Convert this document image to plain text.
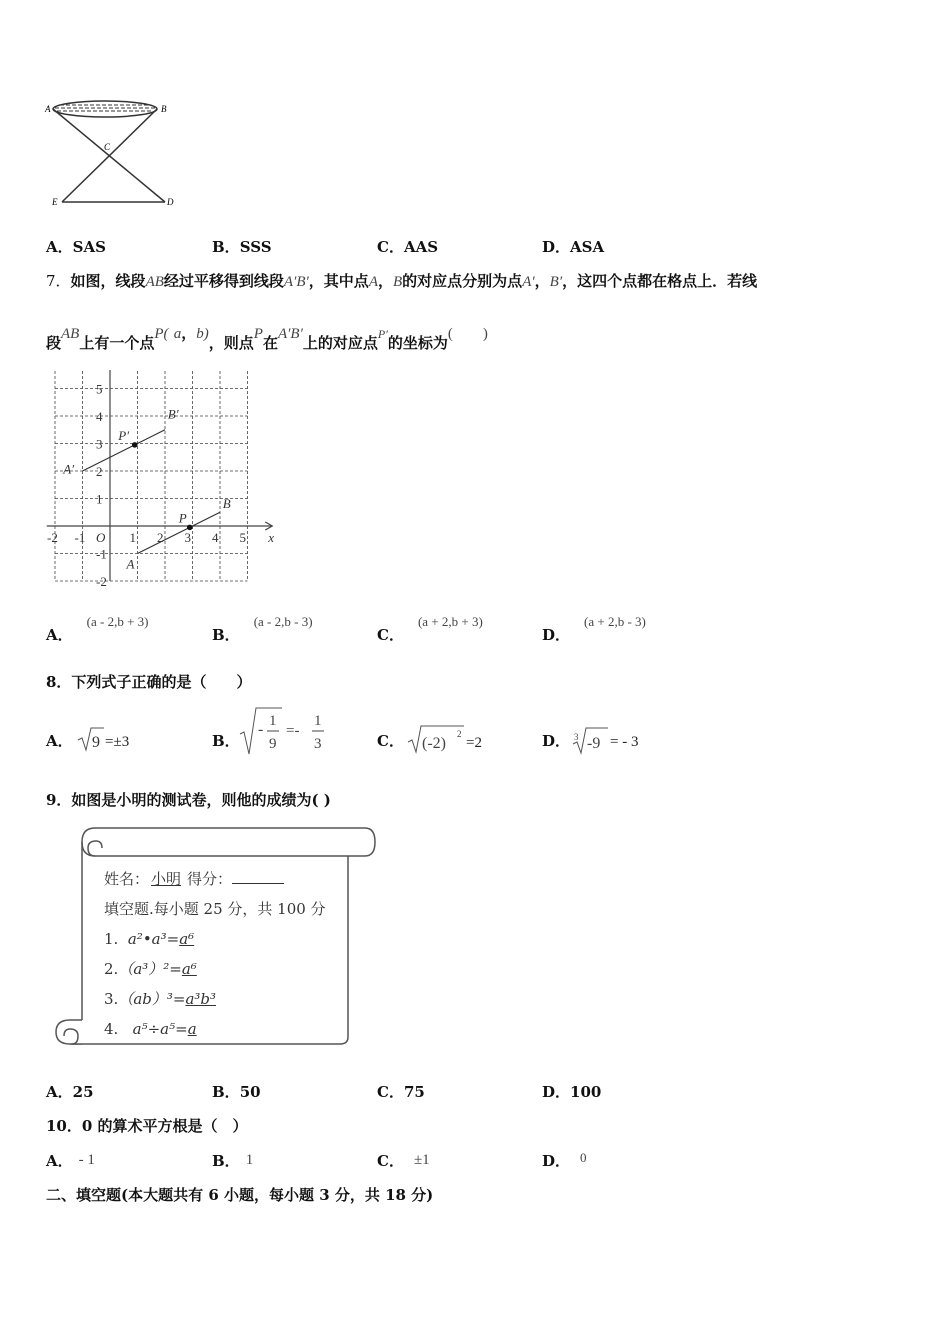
A	B
C
E	D
A．SAS	B．SSS	C．AAS	D．ASA
7．如图，线段AB经过平移得到线段A′B′，其中点A，B的对应点分别为点A′，B′，这四个点都在格点上．若线
段AB上有一个点P( a，b)，则点P在A′B′上的对应点P′的坐标为(        )
-2 -1 O 1 2 3 4 5
5
4
3
2
1
-1
-2
x
A
B
P
A′
B′
P′
A．(a - 2,b + 3)
B．(a - 2,b - 3)
C．(a + 2,b + 3)
D．(a + 2,b - 3)
8．下列式子正确的是（　　）
A． 9 =±3	B．
- 1
9
=-
1
3	C． (-2)
2
=2	D． 3 -9 = - 3
9．如图是小明的测试卷，则他的成绩为( )
姓名： 小明 得分：
填空题.每小题 25 分，共 100 分
1. a²•a³=a⁶
2.（a³）²=a⁶
3.（ab）³=a³b³
4. a⁵÷a⁵=a
A．25	B．50	C．75	D．100
10．0 的算术平方根是（　）
A． - 1	B． 1	C． ±1	D． 0
二、填空题(本大题共有 6 小题，每小题 3 分，共 18 分)
